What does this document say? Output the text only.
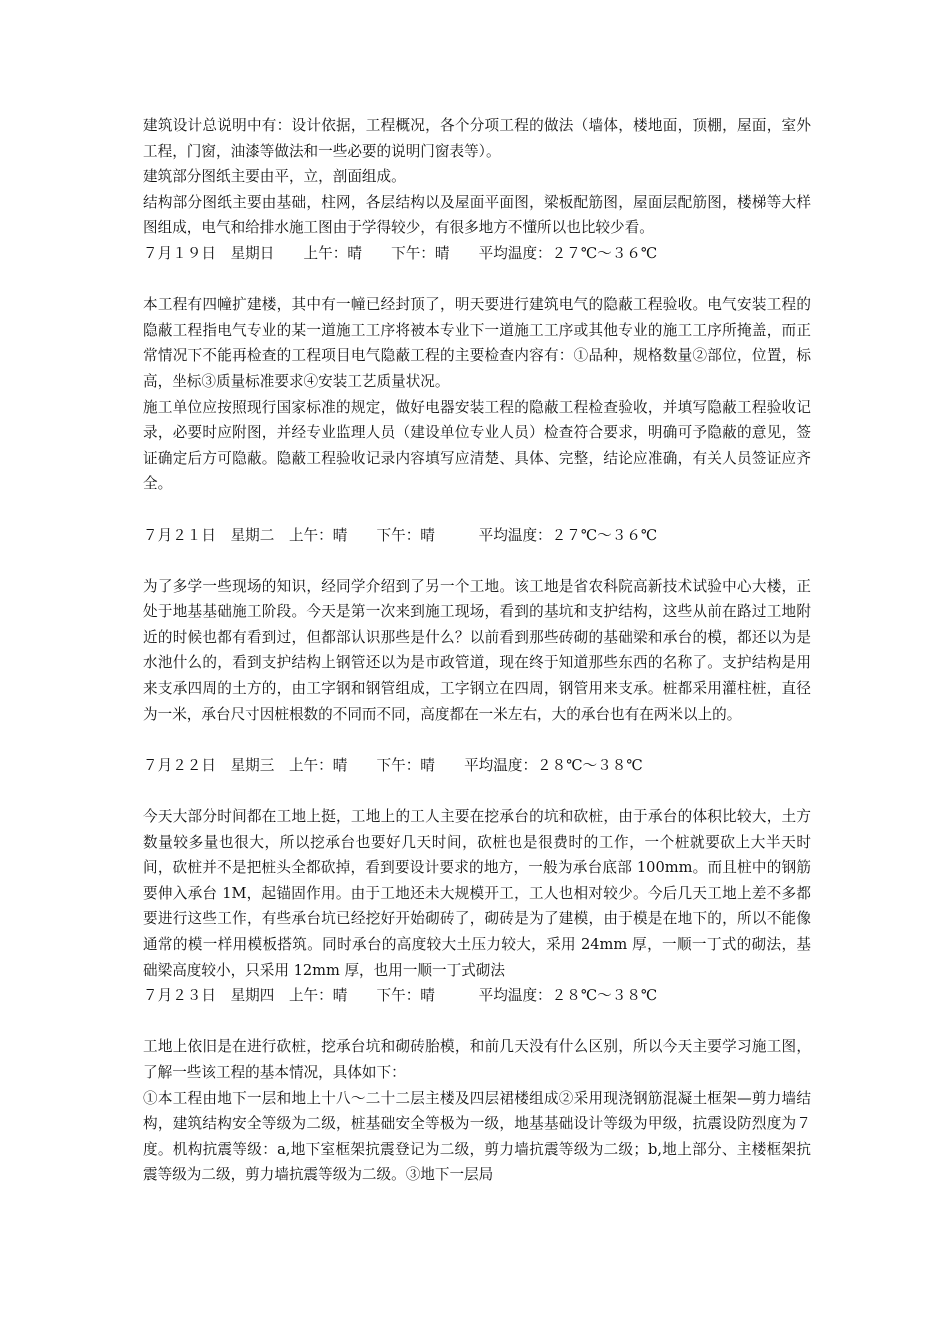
建筑设计总说明中有：设计依据，工程概况，各个分项工程的做法（墙体，楼地面，顶棚，屋面，室外工程，门窗，油漆等做法和一些必要的说明门窗表等）。

建筑部分图纸主要由平，立，剖面组成。

结构部分图纸主要由基础，柱网，各层结构以及屋面平面图，梁板配筋图，屋面层配筋图，楼梯等大样图组成，电气和给排水施工图由于学得较少，有很多地方不懂所以也比较少看。

７月１９日　星期日　　上午：晴　　下午：晴　　平均温度：２７℃～３６℃

本工程有四幢扩建楼，其中有一幢已经封顶了，明天要进行建筑电气的隐蔽工程验收。电气安装工程的隐蔽工程指电气专业的某一道施工工序将被本专业下一道施工工序或其他专业的施工工序所掩盖，而正常情况下不能再检查的工程项目电气隐蔽工程的主要检查内容有：①品种，规格数量②部位，位置，标高，坐标③质量标准要求④安装工艺质量状况。

施工单位应按照现行国家标准的规定，做好电器安装工程的隐蔽工程检查验收，并填写隐蔽工程验收记录，必要时应附图，并经专业监理人员（建设单位专业人员）检查符合要求，明确可予隐蔽的意见，签证确定后方可隐蔽。隐蔽工程验收记录内容填写应清楚、具体、完整，结论应准确，有关人员签证应齐全。

７月２１日　星期二　上午：晴　　下午：晴　　　平均温度：２７℃～３６℃

为了多学一些现场的知识，经同学介绍到了另一个工地。该工地是省农科院高新技术试验中心大楼，正处于地基基础施工阶段。今天是第一次来到施工现场，看到的基坑和支护结构，这些从前在路过工地附近的时候也都有看到过，但都部认识那些是什么？以前看到那些砖砌的基础梁和承台的模，都还以为是水池什么的，看到支护结构上钢管还以为是市政管道，现在终于知道那些东西的名称了。支护结构是用来支承四周的土方的，由工字钢和钢管组成，工字钢立在四周，钢管用来支承。桩都采用灌柱桩，直径为一米，承台尺寸因桩根数的不同而不同，高度都在一米左右，大的承台也有在两米以上的。

７月２２日　星期三　上午：晴　　下午：晴　　平均温度：２８℃～３８℃

今天大部分时间都在工地上挺，工地上的工人主要在挖承台的坑和砍桩，由于承台的体积比较大，土方数量较多量也很大，所以挖承台也要好几天时间，砍桩也是很费时的工作，一个桩就要砍上大半天时间，砍桩并不是把桩头全都砍掉，看到要设计要求的地方，一般为承台底部 100mm。而且桩中的钢筋要伸入承台 1M，起锚固作用。由于工地还未大规模开工，工人也相对较少。今后几天工地上差不多都要进行这些工作，有些承台坑已经挖好开始砌砖了，砌砖是为了建模，由于模是在地下的，所以不能像通常的模一样用模板搭筑。同时承台的高度较大土压力较大，采用 24mm 厚，一顺一丁式的砌法，基础梁高度较小，只采用 12mm 厚，也用一顺一丁式砌法

７月２３日　星期四　上午：晴　　下午：晴　　　平均温度：２８℃～３８℃

工地上依旧是在进行砍桩，挖承台坑和砌砖胎模，和前几天没有什么区别，所以今天主要学习施工图，了解一些该工程的基本情况，具体如下：

①本工程由地下一层和地上十八～二十二层主楼及四层裙楼组成②采用现浇钢筋混凝土框架—剪力墙结构，建筑结构安全等级为二级，桩基础安全等极为一级，地基基础设计等级为甲级，抗震设防烈度为７度。机构抗震等级：a,地下室框架抗震登记为二级，剪力墙抗震等级为二级；b,地上部分、主楼框架抗震等级为二级，剪力墙抗震等级为二级。③地下一层局
